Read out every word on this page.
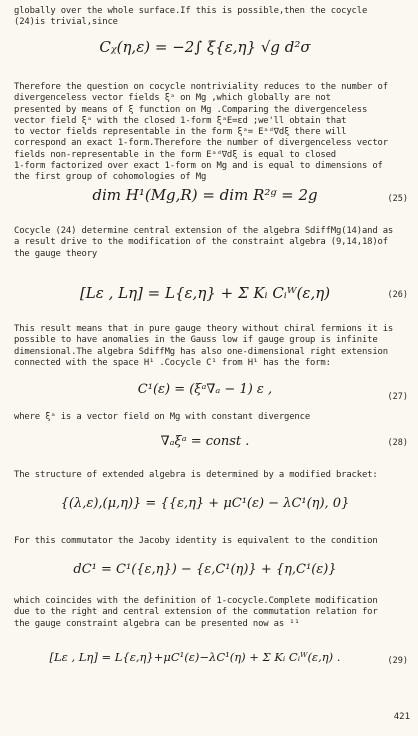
globally over the whole surface.If this is possible,then the cocycle
(24)is trivial,since
Cᵪ(η,ε) = −2∫ ξ{ε,η} √g d²σ
Therefore the question on cocycle nontriviality reduces to the number of
divergenceless vector fields ξᵃ on Mg ,which globally are not
presented by means of ξ function on Mg .Comparing the divergenceless
vector field ξᵃ with the closed 1-form ξᵃE=εd ;we'll obtain that
to vector fields representable in the form ξᵃ= Eᵃᵈ∇dξ there will
correspond an exact 1-form.Therefore the number of divergenceless vector
fields non-representable in the form Eᵃᵈ∇dξ is equal to closed
1-form factorized over exact 1-form on Mg and is equal to dimensions of
the first group of cohomologies of Mg
dim H¹(Mg,R) = dim R²ᵍ = 2g	(25)
Cocycle (24) determine central extension of the algebra SdiffMg(14)and as
a result drive to the modification of the constraint algebra (9,14,18)of
the gauge theory
[Lε , Lη] = L{ε,η} + Σ Kᵢ Cᵢᵂ(ε,η)	(26)
This result means that in pure gauge theory without chiral fermions it is
possible to have anomalies in the Gauss low if gauge group is infinite
dimensional.The algebra SdiffMg has also one-dimensional right extension
connected with the space H¹ .Cocycle C¹ from H¹ has the form:
C¹(ε) = (ξᵃ∇ₐ − 1) ε ,	(27)
where ξᵃ is a vector field on Mg with constant divergence
∇ₐξᵃ = const .	(28)
The structure of extended algebra is determined by a modified bracket:
{(λ,ε),(μ,η)} = {{ε,η} + μC¹(ε) − λC¹(η), 0}
For this commutator the Jacoby identity is equivalent to the condition
dC¹ = C¹({ε,η}) − {ε,C¹(η)} + {η,C¹(ε)}
which coincides with the definition of 1-cocycle.Complete modification
due to the right and central extension of the commutation relation for
the gauge constraint algebra can be presented now as ¹¹
[Lε , Lη] = L{ε,η}+μC¹(ε)−λC¹(η) + Σ Kᵢ Cᵢᵂ(ε,η) .	(29)
421
